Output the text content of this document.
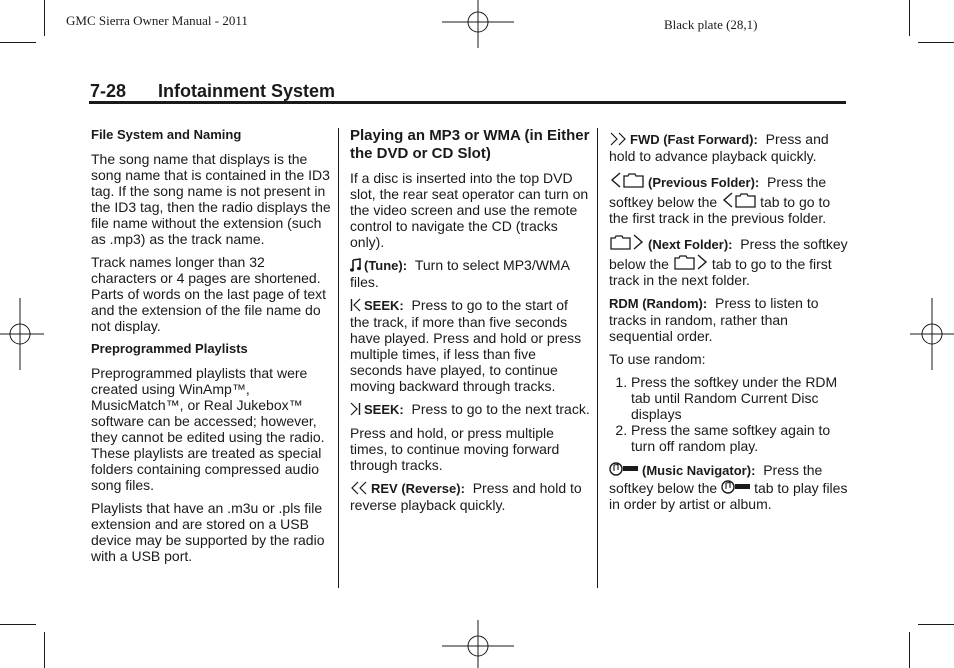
GMC Sierra Owner Manual - 2011	Black plate (28,1)
7-28 Infotainment System
File System and Naming

The song name that displays is the song name that is contained in the ID3 tag. If the song name is not present in the ID3 tag, then the radio displays the file name without the extension (such as .mp3) as the track name.

Track names longer than 32 characters or 4 pages are shortened. Parts of words on the last page of text and the extension of the file name do not display.

Preprogrammed Playlists

Preprogrammed playlists that were created using WinAmp™, MusicMatch™, or Real Jukebox™ software can be accessed; however, they cannot be edited using the radio. These playlists are treated as special folders containing compressed audio song files.

Playlists that have an .m3u or .pls file extension and are stored on a USB device may be supported by the radio with a USB port.

Playing an MP3 or WMA (in Either the DVD or CD Slot)

If a disc is inserted into the top DVD slot, the rear seat operator can turn on the video screen and use the remote control to navigate the CD (tracks only).

(Tune): Turn to select MP3/WMA files.

SEEK: Press to go to the start of the track, if more than five seconds have played. Press and hold or press multiple times, if less than five seconds have played, to continue moving backward through tracks.

SEEK: Press to go to the next track.

Press and hold, or press multiple times, to continue moving forward through tracks.

REV (Reverse): Press and hold to reverse playback quickly.

FWD (Fast Forward): Press and hold to advance playback quickly.

(Previous Folder): Press the softkey below the	tab to go to the first track in the previous folder.

(Next Folder): Press the softkey below the	tab to go to the first track in the next folder.

RDM (Random): Press to listen to tracks in random, rather than sequential order.

To use random:

1. Press the softkey under the RDM tab until Random Current Disc displays
2. Press the same softkey again to turn off random play.

(Music Navigator): Press the softkey below the	tab to play files in order by artist or album.
